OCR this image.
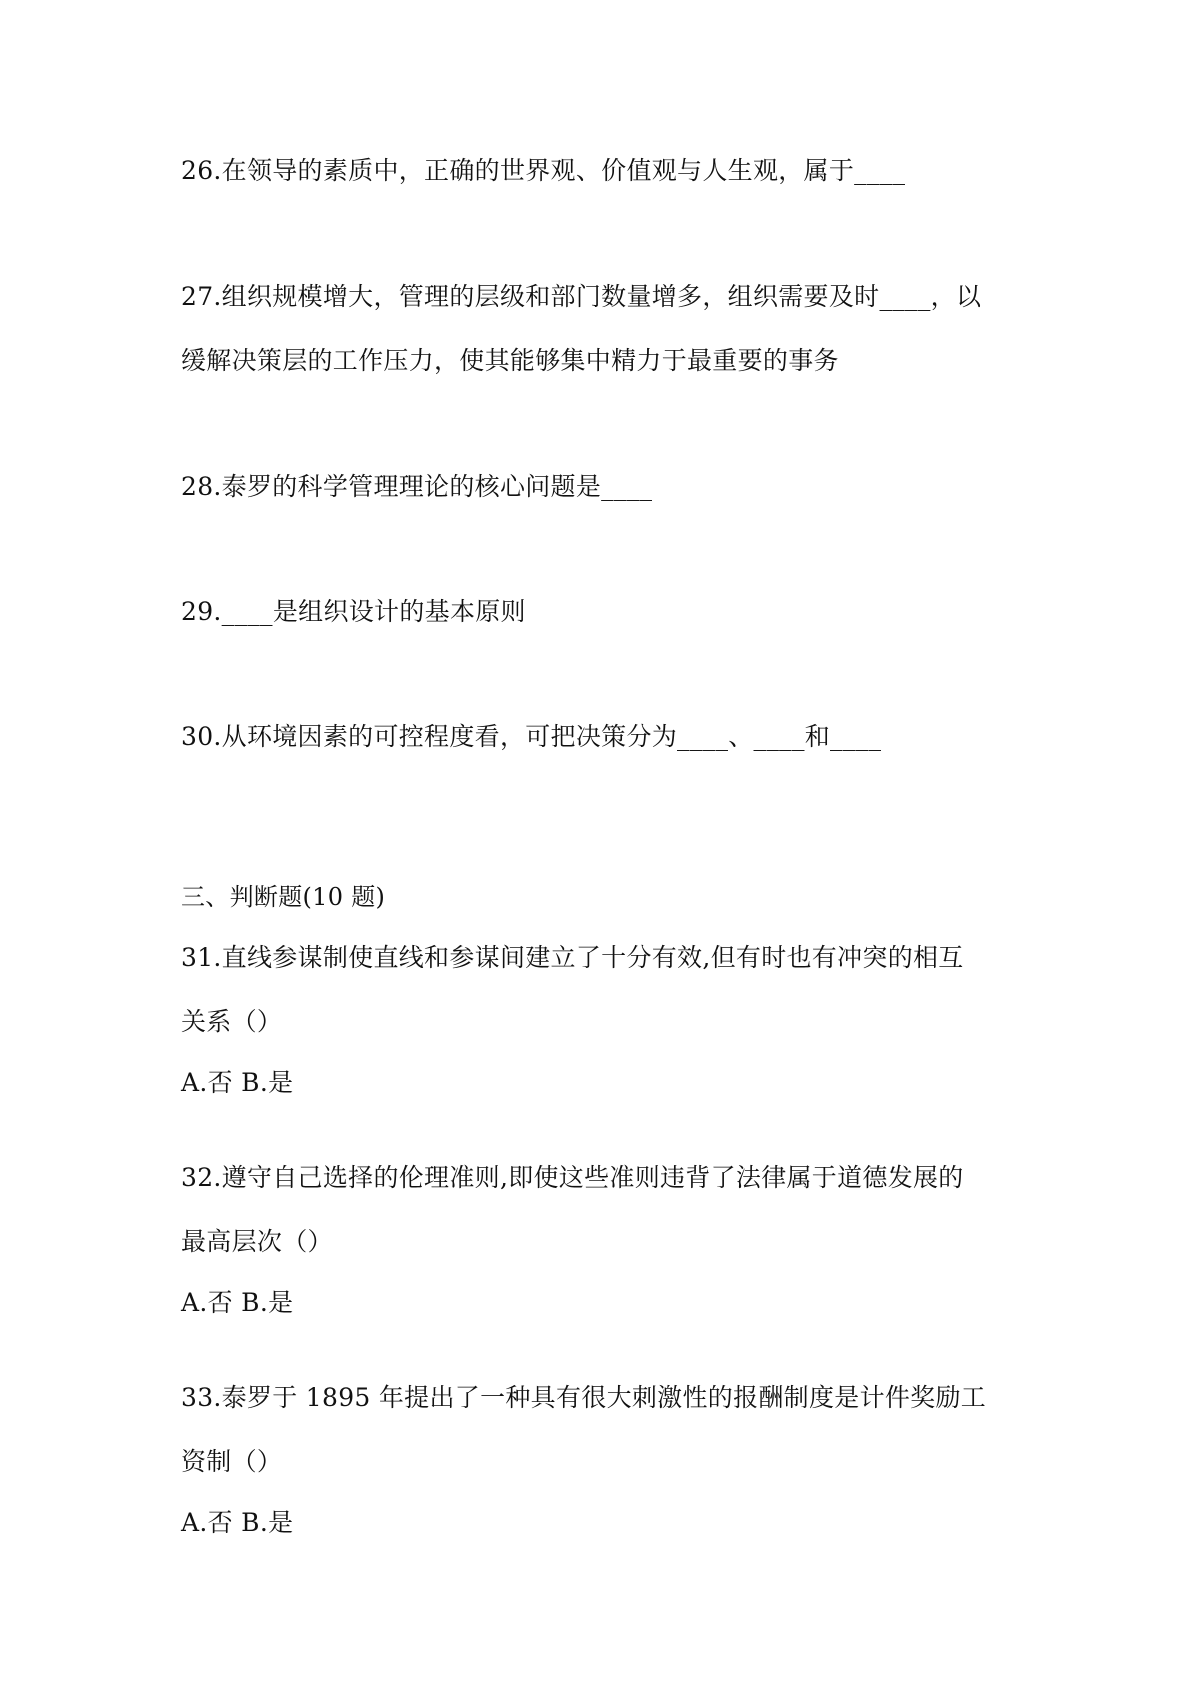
26.在领导的素质中，正确的世界观、价值观与人生观，属于____
27.组织规模增大，管理的层级和部门数量增多，组织需要及时____，以
缓解决策层的工作压力，使其能够集中精力于最重要的事务
28.泰罗的科学管理理论的核心问题是____
29.____是组织设计的基本原则
30.从环境因素的可控程度看，可把决策分为____、____和____
三、判断题(10 题)
31.直线参谋制使直线和参谋间建立了十分有效,但有时也有冲突的相互
关系（）
A.否 B.是
32.遵守自己选择的伦理准则,即使这些准则违背了法律属于道德发展的
最高层次（）
A.否 B.是
33.泰罗于 1895 年提出了一种具有很大刺激性的报酬制度是计件奖励工
资制（）
A.否 B.是
